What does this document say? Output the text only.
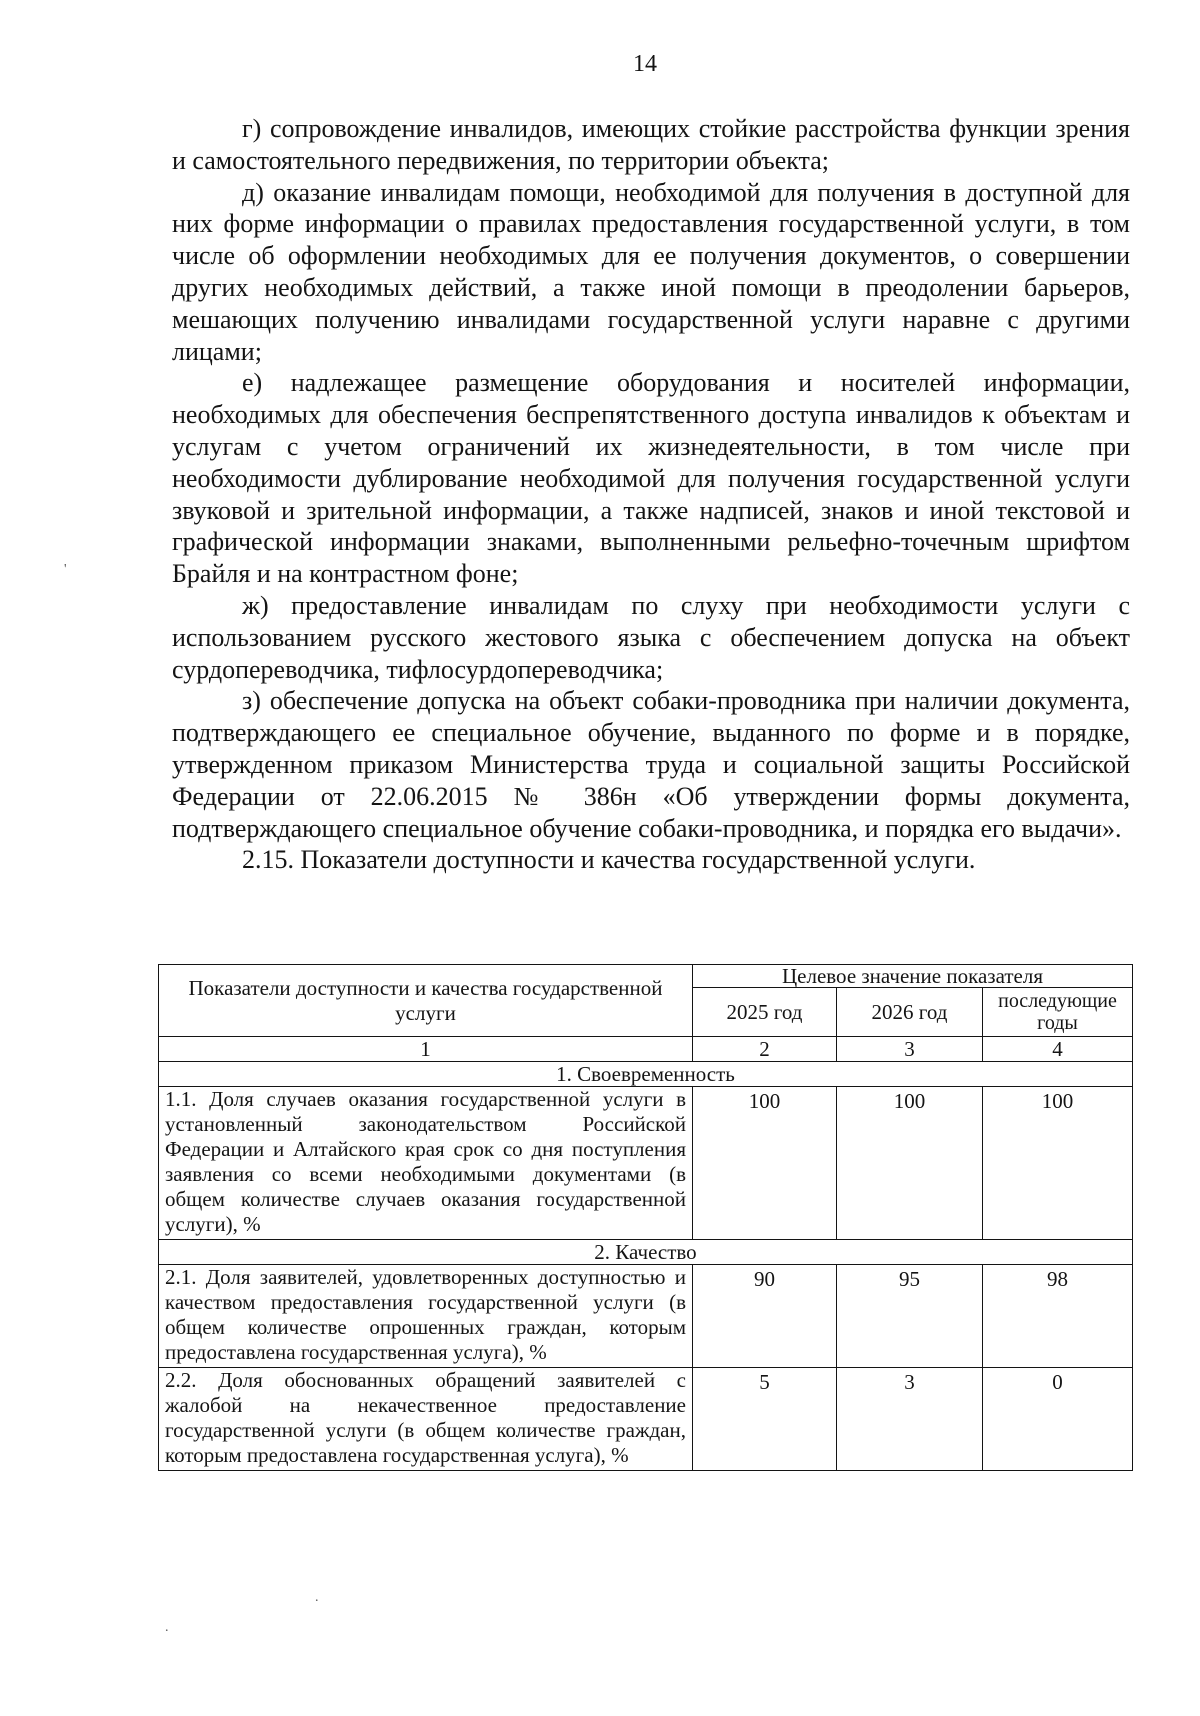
14

г) сопровождение инвалидов, имеющих стойкие расстройства функции зрения и самостоятельного передвижения, по территории объекта;

д) оказание инвалидам помощи, необходимой для получения в доступной для них форме информации о правилах предоставления государственной услуги, в том числе об оформлении необходимых для ее получения документов, о совершении других необходимых действий, а также иной помощи в преодолении барьеров, мешающих получению инвалидами государственной услуги наравне с другими лицами;

е) надлежащее размещение оборудования и носителей информации, необходимых для обеспечения беспрепятственного доступа инвалидов к объектам и услугам с учетом ограничений их жизнедеятельности, в том числе при необходимости дублирование необходимой для получения государственной услуги звуковой и зрительной информации, а также надписей, знаков и иной текстовой и графической информации знаками, выполненными рельефно-точечным шрифтом Брайля и на контрастном фоне;

ж) предоставление инвалидам по слуху при необходимости услуги с использованием русского жестового языка с обеспечением допуска на объект сурдопереводчика, тифлосурдопереводчика;

з) обеспечение допуска на объект собаки-проводника при наличии документа, подтверждающего ее специальное обучение, выданного по форме и в порядке, утвержденном приказом Министерства труда и социальной защиты Российской Федерации от 22.06.2015 № 386н «Об утверждении формы документа, подтверждающего специальное обучение собаки-проводника, и порядка его выдачи».

2.15. Показатели доступности и качества государственной услуги.

Показатели доступности и качества государственной услуги	Целевое значение показателя		
	2025 год	2026 год	последующие годы
1	2	3	4
1. Своевременность			
1.1. Доля случаев оказания государственной услуги в установленный законодательством Российской Федерации и Алтайского края срок со дня поступления заявления со всеми необходимыми документами (в общем количестве случаев оказания государственной услуги), %	100	100	100
2. Качество			
2.1. Доля заявителей, удовлетворенных доступностью и качеством предоставления государственной услуги (в общем количестве опрошенных граждан, которым предоставлена государственная услуга), %	90	95	98
2.2. Доля обоснованных обращений заявителей с жалобой на некачественное предоставление государственной услуги (в общем количестве граждан, которым предоставлена государственная услуга), %	5	3	0
'
.
.
